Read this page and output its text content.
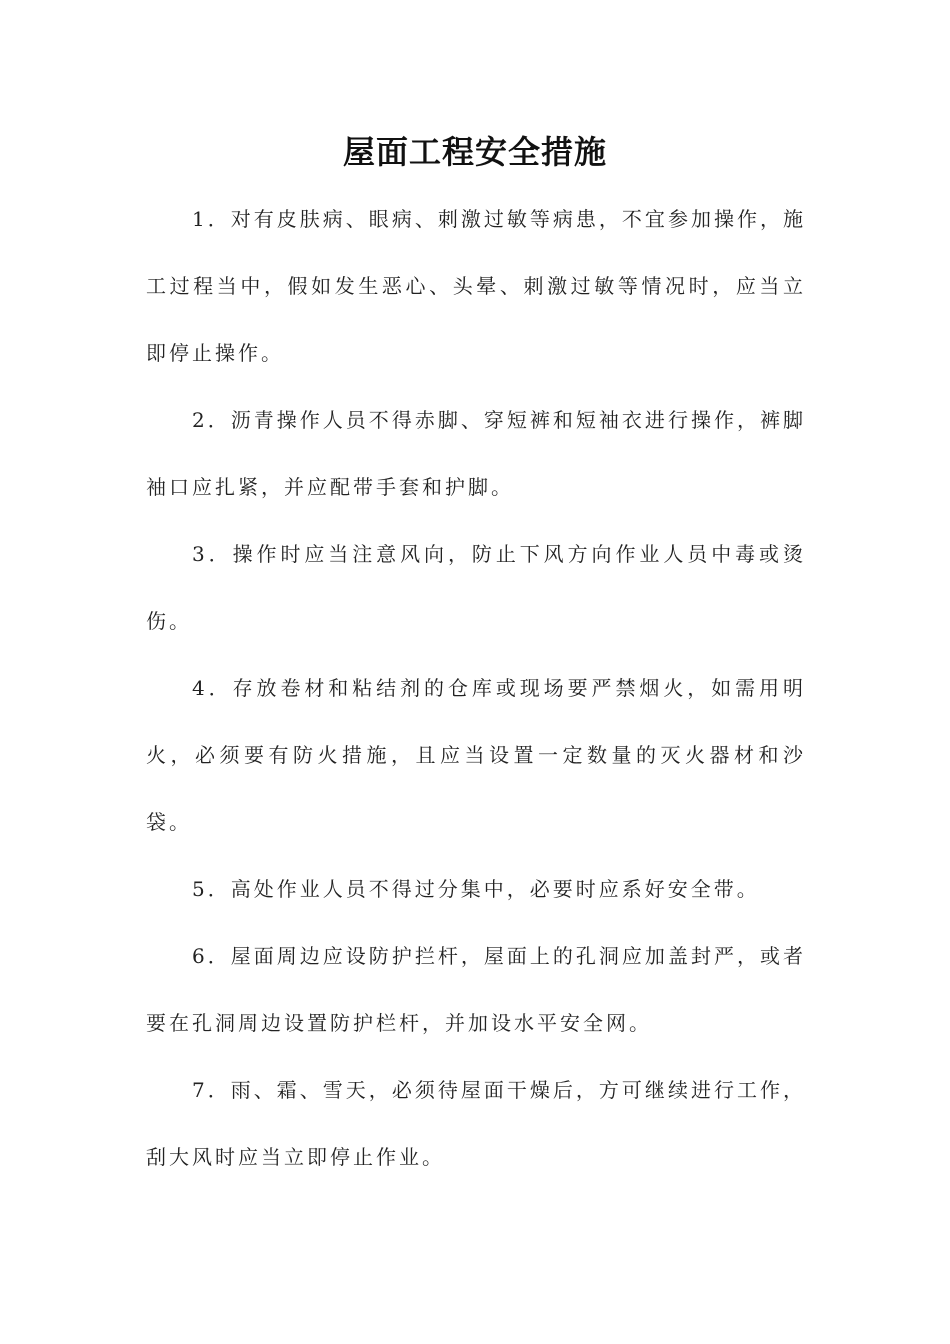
屋面工程安全措施

1．对有皮肤病、眼病、刺激过敏等病患，不宜参加操作，施工过程当中，假如发生恶心、头晕、刺激过敏等情况时，应当立即停止操作。

2．沥青操作人员不得赤脚、穿短裤和短袖衣进行操作，裤脚袖口应扎紧，并应配带手套和护脚。

3．操作时应当注意风向，防止下风方向作业人员中毒或烫伤。

4．存放卷材和粘结剂的仓库或现场要严禁烟火，如需用明火，必须要有防火措施，且应当设置一定数量的灭火器材和沙袋。

5．高处作业人员不得过分集中，必要时应系好安全带。

6．屋面周边应设防护拦杆，屋面上的孔洞应加盖封严，或者要在孔洞周边设置防护栏杆，并加设水平安全网。

7．雨、霜、雪天，必须待屋面干燥后，方可继续进行工作，刮大风时应当立即停止作业。
